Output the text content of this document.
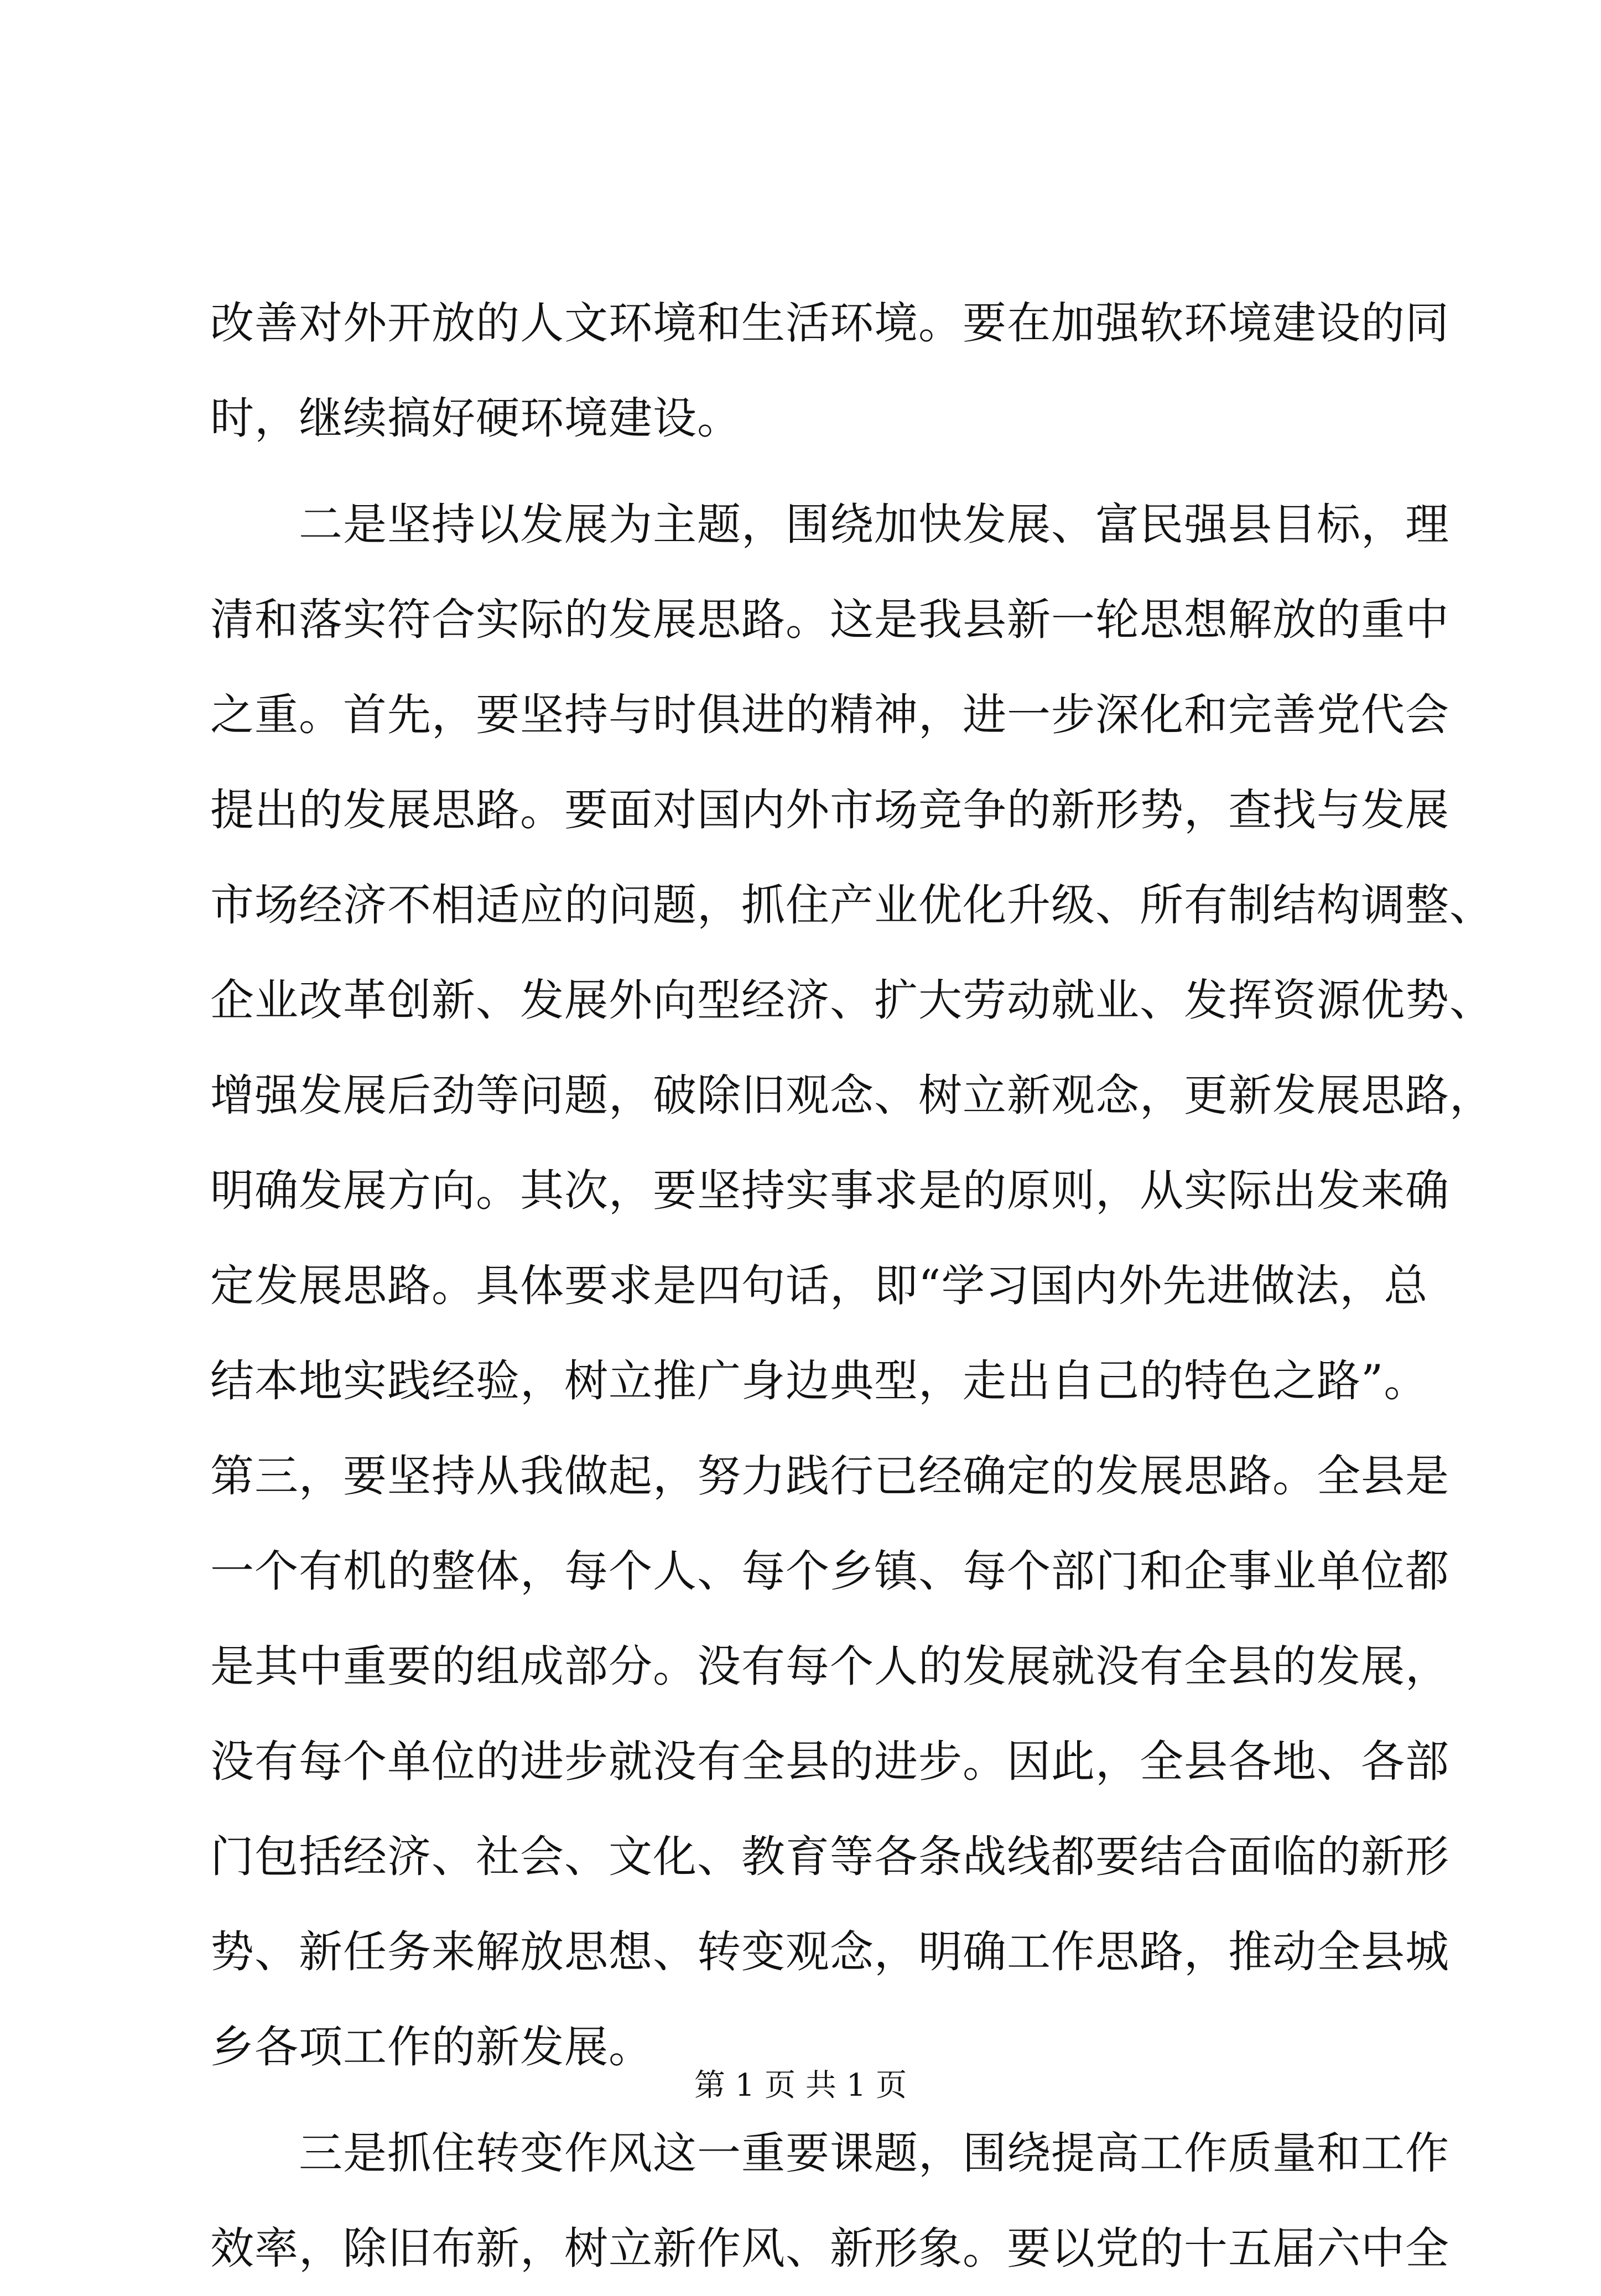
改善对外开放的人文环境和生活环境。要在加强软环境建设的同
时，继续搞好硬环境建设。
二是坚持以发展为主题，围绕加快发展、富民强县目标，理
清和落实符合实际的发展思路。这是我县新一轮思想解放的重中
之重。首先，要坚持与时俱进的精神，进一步深化和完善党代会
提出的发展思路。要面对国内外市场竞争的新形势，查找与发展
市场经济不相适应的问题，抓住产业优化升级、所有制结构调整、
企业改革创新、发展外向型经济、扩大劳动就业、发挥资源优势、
增强发展后劲等问题，破除旧观念、树立新观念，更新发展思路，
明确发展方向。其次，要坚持实事求是的原则，从实际出发来确
定发展思路。具体要求是四句话，即“学习国内外先进做法，总
结本地实践经验，树立推广身边典型，走出自己的特色之路”。
第三，要坚持从我做起，努力践行已经确定的发展思路。全县是
一个有机的整体，每个人、每个乡镇、每个部门和企事业单位都
是其中重要的组成部分。没有每个人的发展就没有全县的发展，
没有每个单位的进步就没有全县的进步。因此，全县各地、各部
门包括经济、社会、文化、教育等各条战线都要结合面临的新形
势、新任务来解放思想、转变观念，明确工作思路，推动全县城
乡各项工作的新发展。
三是抓住转变作风这一重要课题，围绕提高工作质量和工作
效率，除旧布新，树立新作风、新形象。要以党的十五届六中全
第 1 页 共 1 页
